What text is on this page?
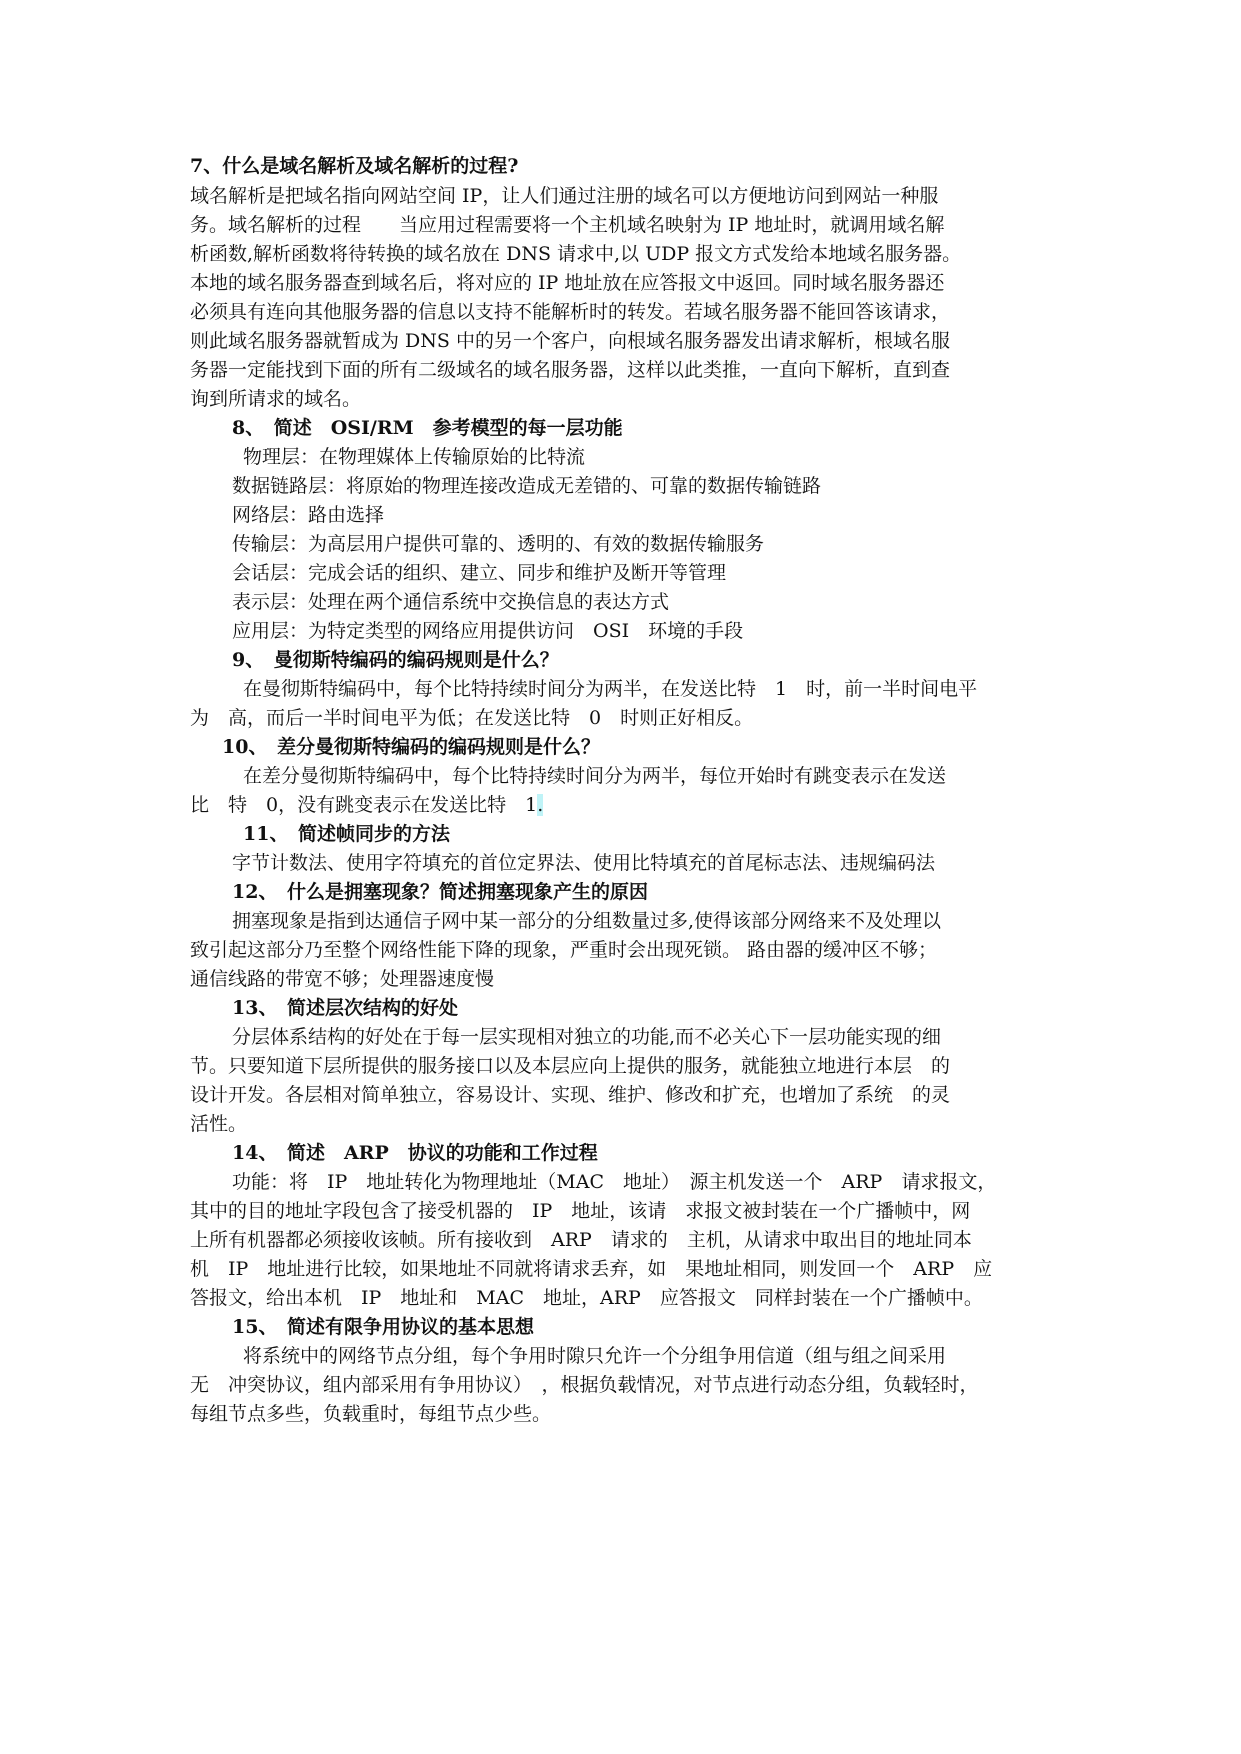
7、什么是域名解析及域名解析的过程?
域名解析是把域名指向网站空间 IP，让人们通过注册的域名可以方便地访问到网站一种服
务。域名解析的过程　　当应用过程需要将一个主机域名映射为 IP 地址时，就调用域名解
析函数,解析函数将待转换的域名放在 DNS 请求中,以 UDP 报文方式发给本地域名服务器。
本地的域名服务器查到域名后，将对应的 IP 地址放在应答报文中返回。同时域名服务器还
必须具有连向其他服务器的信息以支持不能解析时的转发。若域名服务器不能回答该请求，
则此域名服务器就暂成为 DNS 中的另一个客户，向根域名服务器发出请求解析，根域名服
务器一定能找到下面的所有二级域名的域名服务器，这样以此类推，一直向下解析，直到查
询到所请求的域名。
8、　简述　OSI/RM　参考模型的每一层功能
物理层：在物理媒体上传输原始的比特流
数据链路层：将原始的物理连接改造成无差错的、可靠的数据传输链路
网络层：路由选择
传输层：为高层用户提供可靠的、透明的、有效的数据传输服务
会话层：完成会话的组织、建立、同步和维护及断开等管理
表示层：处理在两个通信系统中交换信息的表达方式
应用层：为特定类型的网络应用提供访问　OSI　环境的手段
9、　曼彻斯特编码的编码规则是什么？
在曼彻斯特编码中，每个比特持续时间分为两半，在发送比特　1　时，前一半时间电平
为　高，而后一半时间电平为低；在发送比特　0　时则正好相反。
10、　差分曼彻斯特编码的编码规则是什么？
在差分曼彻斯特编码中，每个比特持续时间分为两半，每位开始时有跳变表示在发送
比　特　0，没有跳变表示在发送比特　1.
11、　简述帧同步的方法
字节计数法、使用字符填充的首位定界法、使用比特填充的首尾标志法、违规编码法
12、　什么是拥塞现象？简述拥塞现象产生的原因
拥塞现象是指到达通信子网中某一部分的分组数量过多,使得该部分网络来不及处理以
致引起这部分乃至整个网络性能下降的现象，严重时会出现死锁。 路由器的缓冲区不够；
通信线路的带宽不够；处理器速度慢
13、　简述层次结构的好处
分层体系结构的好处在于每一层实现相对独立的功能,而不必关心下一层功能实现的细
节。只要知道下层所提供的服务接口以及本层应向上提供的服务，就能独立地进行本层　的
设计开发。各层相对简单独立，容易设计、实现、维护、修改和扩充，也增加了系统　的灵
活性。
14、　简述　ARP　协议的功能和工作过程
功能：将　IP　地址转化为物理地址（MAC　地址）　源主机发送一个　ARP　请求报文，
其中的目的地址字段包含了接受机器的　IP　地址，该请　求报文被封装在一个广播帧中，网
上所有机器都必须接收该帧。所有接收到　ARP　请求的　主机，从请求中取出目的地址同本
机　IP　地址进行比较，如果地址不同就将请求丢弃，如　果地址相同，则发回一个　ARP　应
答报文，给出本机　IP　地址和　MAC　地址，ARP　应答报文　同样封装在一个广播帧中。
15、　简述有限争用协议的基本思想
将系统中的网络节点分组，每个争用时隙只允许一个分组争用信道（组与组之间采用
无　冲突协议，组内部采用有争用协议）　，根据负载情况，对节点进行动态分组，负载轻时，
每组节点多些，负载重时，每组节点少些。
